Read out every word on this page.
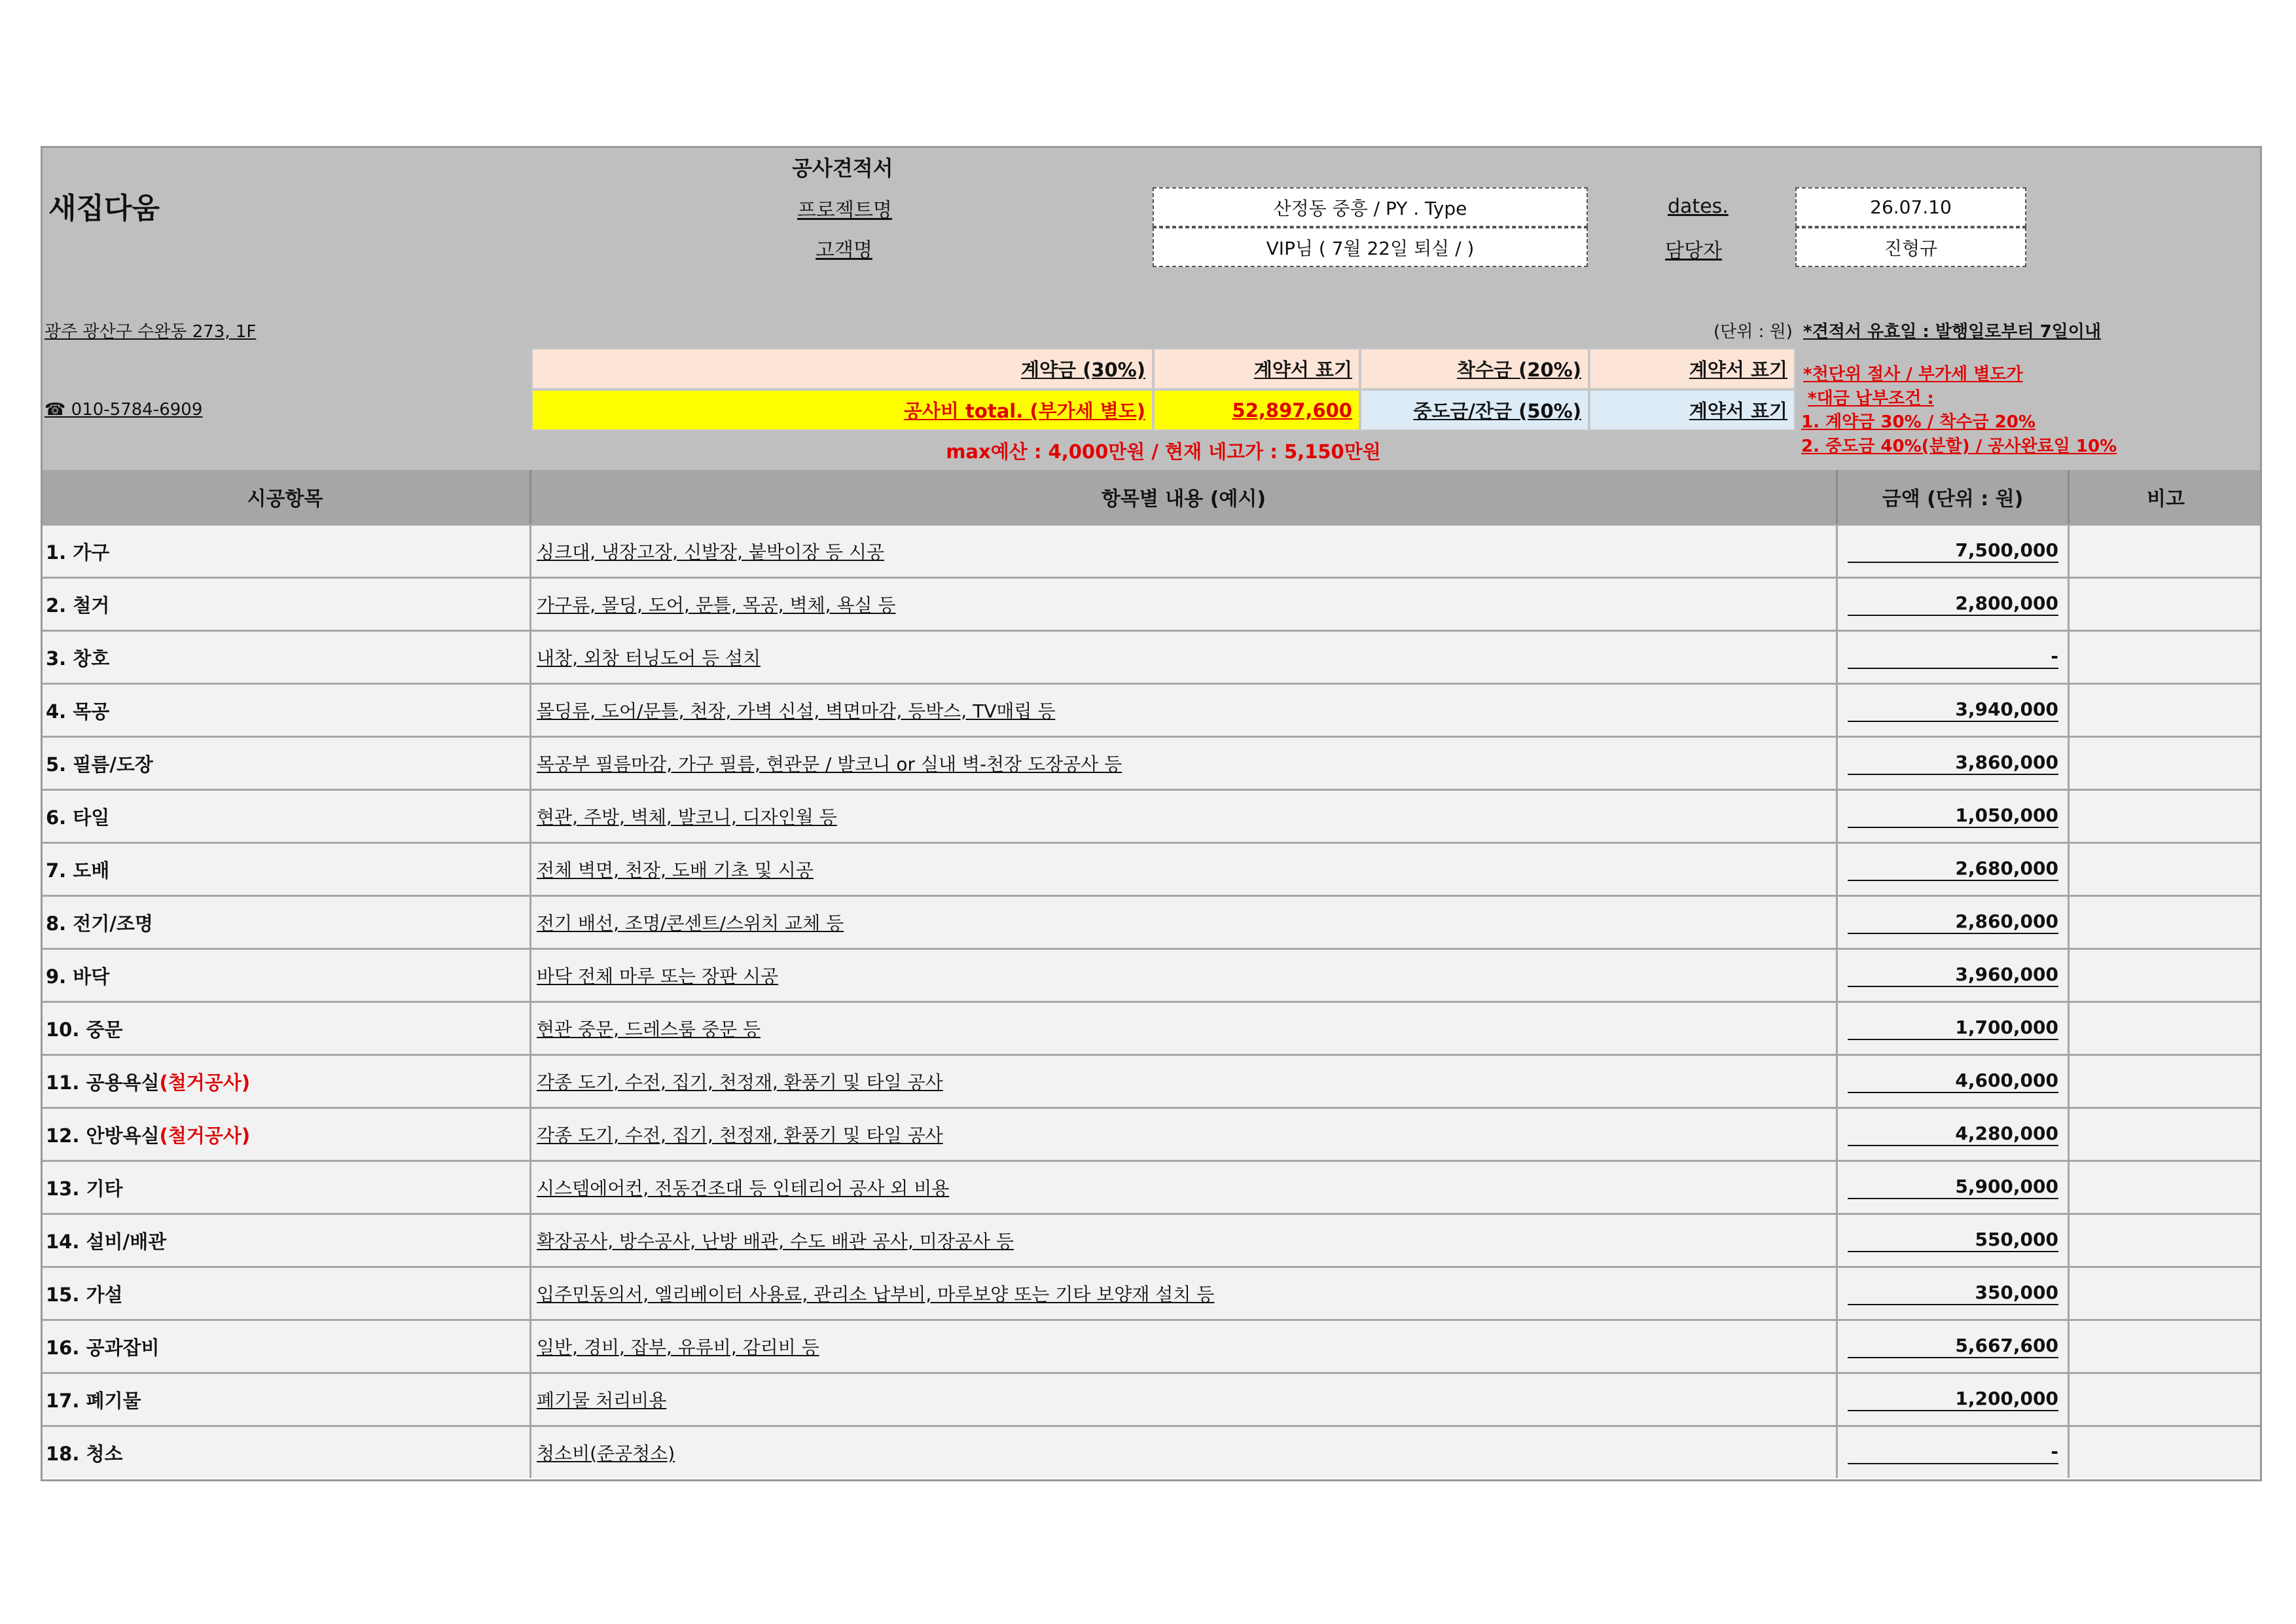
새집다움
공사견적서
프로젝트명
고객명
산정동 중흥 / PY . Type
VIP님 ( 7월 22일 퇴실 / )
dates.
담당자
26.07.10
진형규
광주 광산구 수완동 273, 1F
☎ 010-5784-6909
(단위 : 원) *견적서 유효일 : 발행일로부터 7일이내
계약금 (30%)	계약서 표기	착수금 (20%)	계약서 표기
공사비 total. (부가세 별도)	52,897,600	중도금/잔금 (50%)	계약서 표기
max예산 : 4,000만원 / 현재 네고가 : 5,150만원
*천단위 절사 / 부가세 별도가
*대금 납부조건 :
1. 계약금 30% / 착수금 20%
2. 중도금 40%(분할) / 공사완료일 10%
시공항목	항목별 내용 (예시)	금액 (단위 : 원)	비고
1. 가구	싱크대, 냉장고장, 신발장, 붙박이장 등 시공	7,500,000
2. 철거	가구류, 몰딩, 도어, 문틀, 목공, 벽체, 욕실 등	2,800,000
3. 창호	내창, 외창 터닝도어 등 설치	-
4. 목공	몰딩류, 도어/문틀, 천장, 가벽 신설, 벽면마감, 등박스, TV매립 등	3,940,000
5. 필름/도장	목공부 필름마감, 가구 필름, 현관문 / 발코니 or 실내 벽-천장 도장공사 등	3,860,000
6. 타일	현관, 주방, 벽체, 발코니, 디자인월 등	1,050,000
7. 도배	전체 벽면, 천장, 도배 기초 및 시공	2,680,000
8. 전기/조명	전기 배선, 조명/콘센트/스위치 교체 등	2,860,000
9. 바닥	바닥 전체 마루 또는 장판 시공	3,960,000
10. 중문	현관 중문, 드레스룸 중문 등	1,700,000
11. 공용욕실 (철거공사)	각종 도기, 수전, 집기, 천정재, 환풍기 및 타일 공사	4,600,000
12. 안방욕실 (철거공사)	각종 도기, 수전, 집기, 천정재, 환풍기 및 타일 공사	4,280,000
13. 기타	시스템에어컨, 전동건조대 등 인테리어 공사 외 비용	5,900,000
14. 설비/배관	확장공사, 방수공사, 난방 배관, 수도 배관 공사, 미장공사 등	550,000
15. 가설	입주민동의서, 엘리베이터 사용료, 관리소 납부비, 마루보양 또는 기타 보양재 설치 등	350,000
16. 공과잡비	일반, 경비, 잡부, 유류비, 감리비 등	5,667,600
17. 폐기물	폐기물 처리비용	1,200,000
18. 청소	청소비(준공청소)	-
